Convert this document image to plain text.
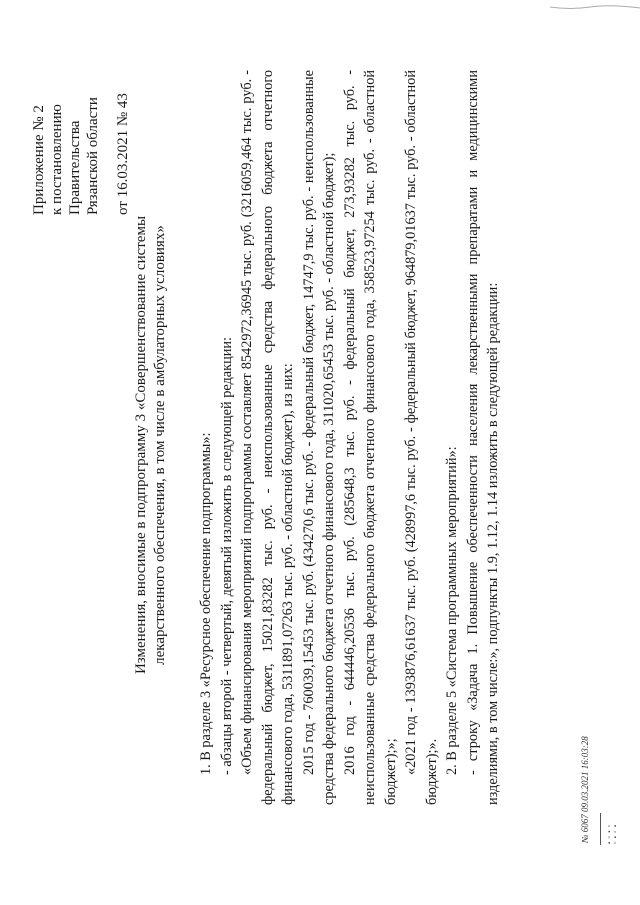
Приложение № 2 к постановлению Правительства Рязанской области от 16.03.2021 № 43
Изменения, вносимые в подпрограмму 3 «Совершенствование системы лекарственного обеспечения, в том числе в амбулаторных условиях» 1. В разделе 3 «Ресурсное обеспечение подпрограммы»: - абзацы второй - четвертый, девятый изложить в следующей редакции: «Объем финансирования мероприятий подпрограммы составляет 8542972,36945 тыс. руб. (3216059,464 тыс. руб. - федеральный бюджет, 15021,83282 тыс. руб. - неиспользованные средства федерального бюджета отчетного финансового года, 5311891,07263 тыс. руб. - областной бюджет), из них: 2015 год - 760039,15453 тыс. руб. (434270,6 тыс. руб. - федеральный бюджет, 14747,9 тыс. руб. - неиспользованные средства федерального бюджета отчетного финансового года, 311020,65453 тыс. руб. - областной бюджет); 2016 год - 644446,20536 тыс. руб. (285648,3 тыс. руб. - федеральный бюджет, 273,93282 тыс. руб. - неиспользованные средства федерального бюджета отчетного финансового года, 358523,97254 тыс. руб. - областной бюджет);»; «2021 год - 1393876,61637 тыс. руб. (428997,6 тыс. руб. - федеральный бюджет, 964879,01637 тыс. руб. - областной бюджет);». 2. В разделе 5 «Система программных мероприятий»: - строку «Задача 1. Повышение обеспеченности населения лекарственными препаратами и медицинскими изделиями, в том числе:», подпункты 1.9, 1.12, 1.14 изложить в следующей редакции:	№ 6067 09.03.2021 16:03:28	▪ ▫ ▪ ▫
▫ ▪ ▫ ▪
